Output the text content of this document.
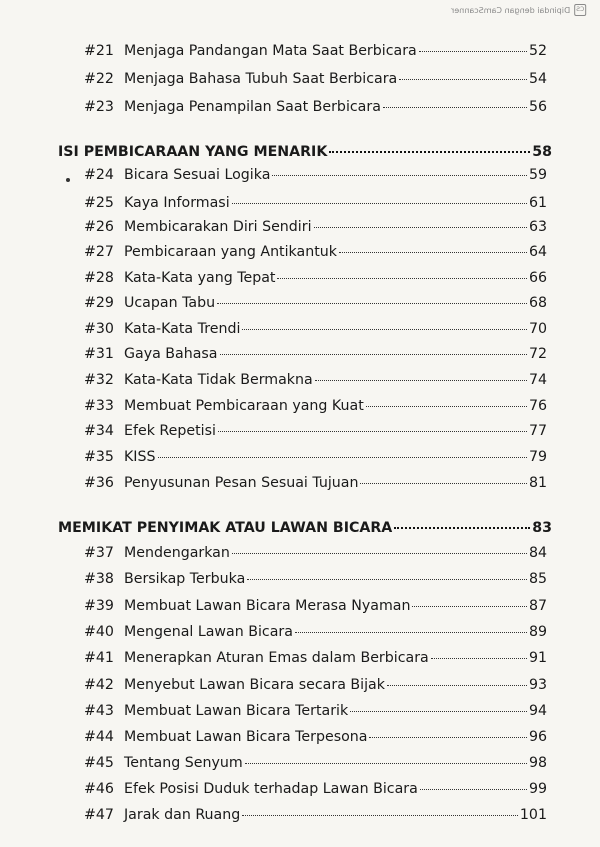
CS
Dipindai dengan CamScanner
#21 Menjaga Pandangan Mata Saat Berbicara	52
#22 Menjaga Bahasa Tubuh Saat Berbicara	54
#23 Menjaga Penampilan Saat Berbicara	56
ISI PEMBICARAAN YANG MENARIK	58
#24 Bicara Sesuai Logika	59
#25 Kaya Informasi	61
#26 Membicarakan Diri Sendiri	63
#27 Pembicaraan yang Antikantuk	64
#28 Kata-Kata yang Tepat	66
#29 Ucapan Tabu	68
#30 Kata-Kata Trendi	70
#31 Gaya Bahasa	72
#32 Kata-Kata Tidak Bermakna	74
#33 Membuat Pembicaraan yang Kuat	76
#34 Efek Repetisi	77
#35 KISS	79
#36 Penyusunan Pesan Sesuai Tujuan	81
MEMIKAT PENYIMAK ATAU LAWAN BICARA	83
#37 Mendengarkan	84
#38 Bersikap Terbuka	85
#39 Membuat Lawan Bicara Merasa Nyaman	87
#40 Mengenal Lawan Bicara	89
#41 Menerapkan Aturan Emas dalam Berbicara	91
#42 Menyebut Lawan Bicara secara Bijak	93
#43 Membuat Lawan Bicara Tertarik	94
#44 Membuat Lawan Bicara Terpesona	96
#45 Tentang Senyum	98
#46 Efek Posisi Duduk terhadap Lawan Bicara	99
#47 Jarak dan Ruang	101
